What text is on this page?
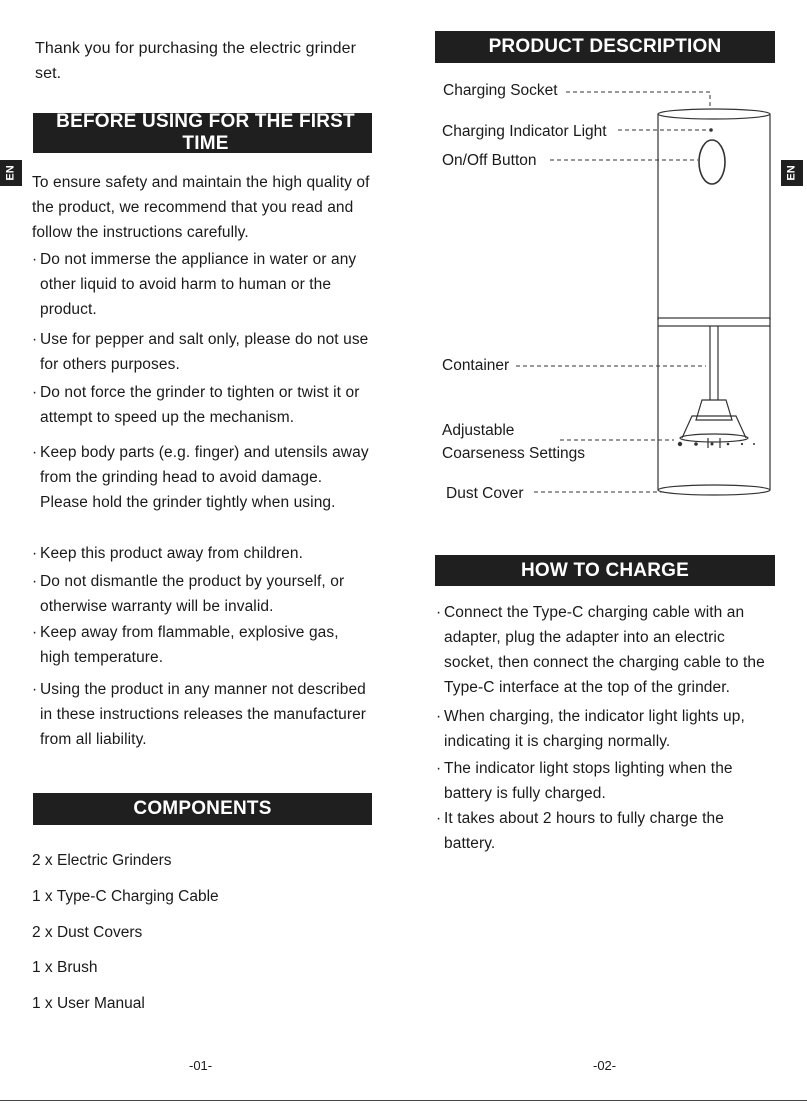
Thank you for purchasing the electric grinder set.
BEFORE USING FOR THE FIRST TIME
EN
To ensure safety and maintain the high quality of the product, we recommend that you read and follow the instructions carefully.
· Do not immerse the appliance in water or any other liquid to avoid harm to human or the product.
· Use for pepper and salt only, please do not use for others purposes.
· Do not force the grinder to tighten or twist it or attempt to speed up the mechanism.
· Keep body parts (e.g. finger) and utensils away from the grinding head to avoid damage. Please hold the grinder tightly when using.
· Keep this product away from children.
· Do not dismantle the product by yourself, or otherwise warranty will be invalid.
· Keep away from flammable, explosive gas, high temperature.
· Using the product in any manner not described in these instructions releases the manufacturer from all liability.
COMPONENTS
2 x Electric Grinders
1 x Type-C Charging Cable
2 x Dust Covers
1 x Brush
1 x User Manual
-01-
PRODUCT DESCRIPTION
EN
Charging Socket
Charging Indicator Light
On/Off Button
Container
Adjustable
Coarseness Settings
Dust Cover
HOW TO CHARGE
· Connect the Type-C charging cable with an adapter, plug the adapter into an electric socket, then connect the charging cable to the Type-C interface at the top of the grinder.
· When charging, the indicator light lights up, indicating it is charging normally.
· The indicator light stops lighting when the battery is fully charged.
· It takes about 2 hours to fully charge the battery.
-02-
